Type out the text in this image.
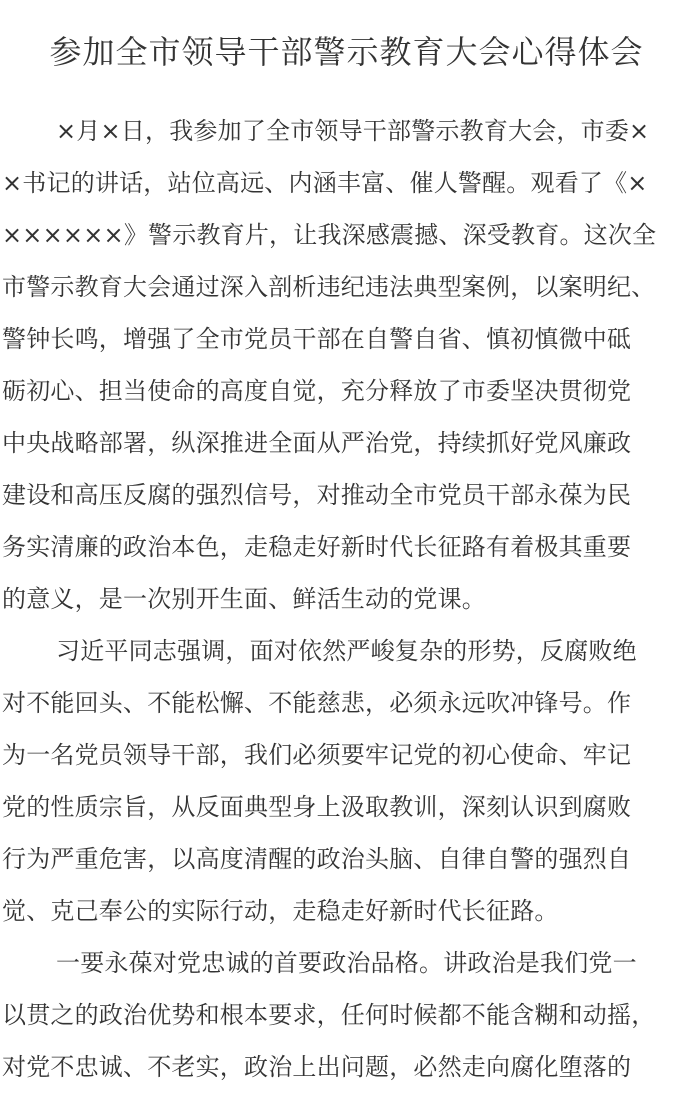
参加全市领导干部警示教育大会心得体会
×月×日，我参加了全市领导干部警示教育大会，市委×
×书记的讲话，站位高远、内涵丰富、催人警醒。观看了《×
××××××》警示教育片，让我深感震撼、深受教育。这次全
市警示教育大会通过深入剖析违纪违法典型案例，以案明纪、
警钟长鸣，增强了全市党员干部在自警自省、慎初慎微中砥
砺初心、担当使命的高度自觉，充分释放了市委坚决贯彻党
中央战略部署，纵深推进全面从严治党，持续抓好党风廉政
建设和高压反腐的强烈信号，对推动全市党员干部永葆为民
务实清廉的政治本色，走稳走好新时代长征路有着极其重要
的意义，是一次别开生面、鲜活生动的党课。
习近平同志强调，面对依然严峻复杂的形势，反腐败绝
对不能回头、不能松懈、不能慈悲，必须永远吹冲锋号。作
为一名党员领导干部，我们必须要牢记党的初心使命、牢记
党的性质宗旨，从反面典型身上汲取教训，深刻认识到腐败
行为严重危害，以高度清醒的政治头脑、自律自警的强烈自
觉、克己奉公的实际行动，走稳走好新时代长征路。
一要永葆对党忠诚的首要政治品格。讲政治是我们党一
以贯之的政治优势和根本要求，任何时候都不能含糊和动摇，
对党不忠诚、不老实，政治上出问题，必然走向腐化堕落的
